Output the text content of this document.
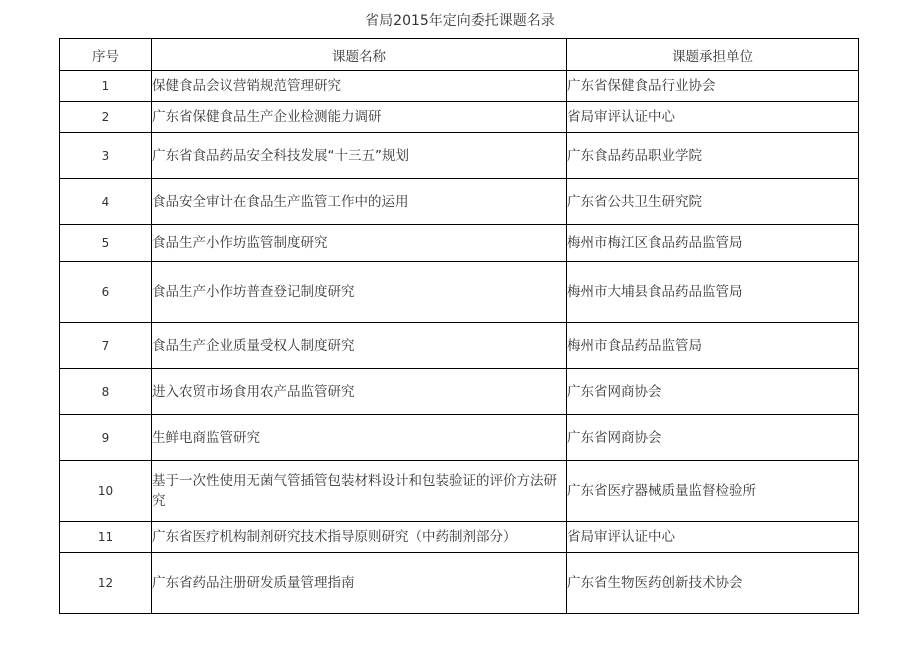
省局2015年定向委托课题名录
序号	课题名称	课题承担单位
1	保健食品会议营销规范管理研究	广东省保健食品行业协会
2	广东省保健食品生产企业检测能力调研	省局审评认证中心
3	广东省食品药品安全科技发展“十三五”规划	广东食品药品职业学院
4	食品安全审计在食品生产监管工作中的运用	广东省公共卫生研究院
5	食品生产小作坊监管制度研究	梅州市梅江区食品药品监管局
6	食品生产小作坊普查登记制度研究	梅州市大埔县食品药品监管局
7	食品生产企业质量受权人制度研究	梅州市食品药品监管局
8	进入农贸市场食用农产品监管研究	广东省网商协会
9	生鲜电商监管研究	广东省网商协会
10	基于一次性使用无菌气管插管包装材料设计和包装验证的评价方法研究	广东省医疗器械质量监督检验所
11	广东省医疗机构制剂研究技术指导原则研究（中药制剂部分）	省局审评认证中心
12	广东省药品注册研发质量管理指南	广东省生物医药创新技术协会
